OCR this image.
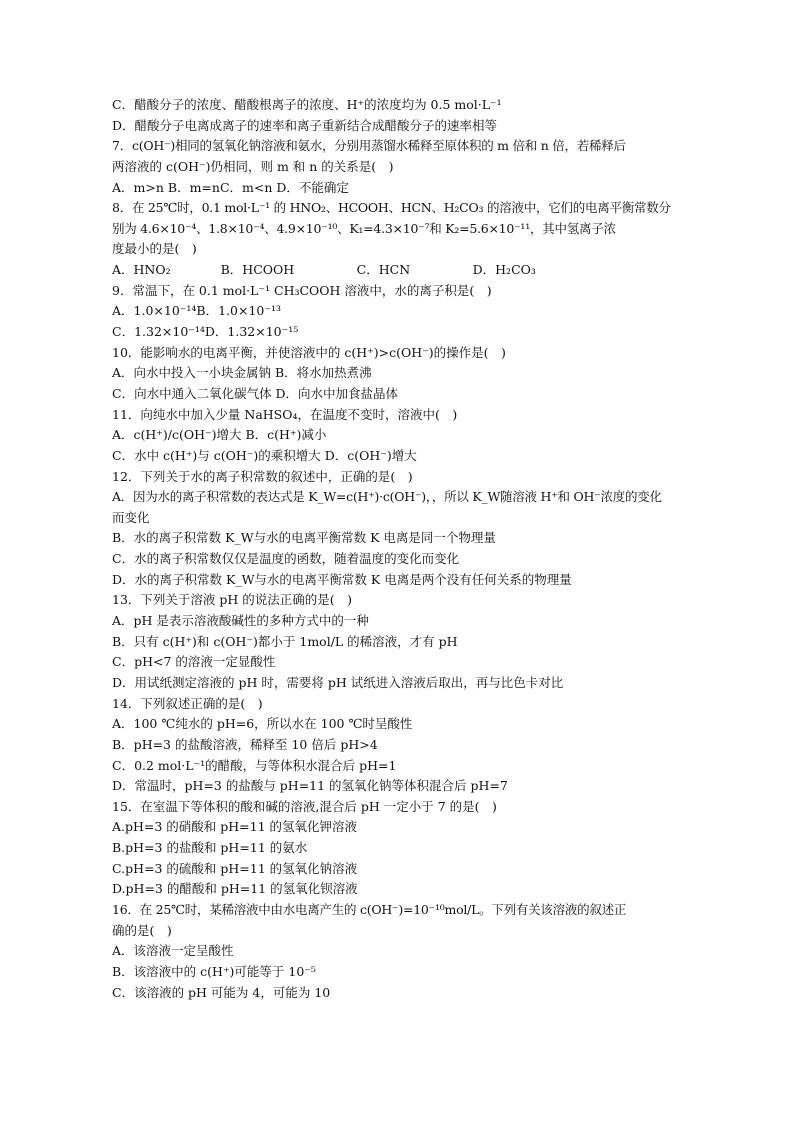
C．醋酸分子的浓度、醋酸根离子的浓度、H⁺的浓度均为 0.5 mol·L⁻¹
D．醋酸分子电离成离子的速率和离子重新结合成醋酸分子的速率相等
7．c(OH⁻)相同的氢氧化钠溶液和氨水，分别用蒸馏水稀释至原体积的 m 倍和 n 倍，若稀释后
两溶液的 c(OH⁻)仍相同，则 m 和 n 的关系是(　)
A．m>n B．m=nC．m<n D．不能确定
8．在 25℃时，0.1 mol·L⁻¹ 的 HNO₂、HCOOH、HCN、H₂CO₃ 的溶液中，它们的电离平衡常数分
别为 4.6×10⁻⁴、1.8×10⁻⁴、4.9×10⁻¹⁰、K₁=4.3×10⁻⁷和 K₂=5.6×10⁻¹¹，其中氢离子浓
度最小的是(　)
A．HNO₂　　　　B．HCOOH　　　　　C．HCN　　　　　D．H₂CO₃
9．常温下，在 0.1 mol·L⁻¹ CH₃COOH 溶液中，水的离子积是(　)
A．1.0×10⁻¹⁴B．1.0×10⁻¹³
C．1.32×10⁻¹⁴D．1.32×10⁻¹⁵
10．能影响水的电离平衡，并使溶液中的 c(H⁺)>c(OH⁻)的操作是(　)
A．向水中投入一小块金属钠 B．将水加热煮沸
C．向水中通入二氧化碳气体 D．向水中加食盐晶体
11．向纯水中加入少量 NaHSO₄，在温度不变时，溶液中(　)
A．c(H⁺)/c(OH⁻)增大 B．c(H⁺)减小
C．水中 c(H⁺)与 c(OH⁻)的乘积增大 D．c(OH⁻)增大
12．下列关于水的离子积常数的叙述中，正确的是(　)
A．因为水的离子积常数的表达式是 K_W=c(H⁺)·c(OH⁻)，，所以 K_W随溶液 H⁺和 OH⁻浓度的变化
而变化
B．水的离子积常数 K_W与水的电离平衡常数 K 电离是同一个物理量
C．水的离子积常数仅仅是温度的函数，随着温度的变化而变化
D．水的离子积常数 K_W与水的电离平衡常数 K 电离是两个没有任何关系的物理量
13．下列关于溶液 pH 的说法正确的是(　)
A．pH 是表示溶液酸碱性的多种方式中的一种
B．只有 c(H⁺)和 c(OH⁻)都小于 1mol/L 的稀溶液，才有 pH
C．pH<7 的溶液一定显酸性
D．用试纸测定溶液的 pH 时，需要将 pH 试纸进入溶液后取出，再与比色卡对比
14．下列叙述正确的是(　)
A．100 ℃纯水的 pH=6，所以水在 100 ℃时呈酸性
B．pH=3 的盐酸溶液，稀释至 10 倍后 pH>4
C．0.2 mol·L⁻¹的醋酸，与等体积水混合后 pH=1
D．常温时，pH=3 的盐酸与 pH=11 的氢氧化钠等体积混合后 pH=7
15．在室温下等体积的酸和碱的溶液,混合后 pH 一定小于 7 的是(　)
A.pH=3 的硝酸和 pH=11 的氢氧化钾溶液
B.pH=3 的盐酸和 pH=11 的氨水
C.pH=3 的硫酸和 pH=11 的氢氧化钠溶液
D.pH=3 的醋酸和 pH=11 的氢氧化钡溶液
16．在 25℃时，某稀溶液中由水电离产生的 c(OH⁻)=10⁻¹⁰mol/L。下列有关该溶液的叙述正
确的是(　)
A．该溶液一定呈酸性
B．该溶液中的 c(H⁺)可能等于 10⁻⁵
C．该溶液的 pH 可能为 4，可能为 10
